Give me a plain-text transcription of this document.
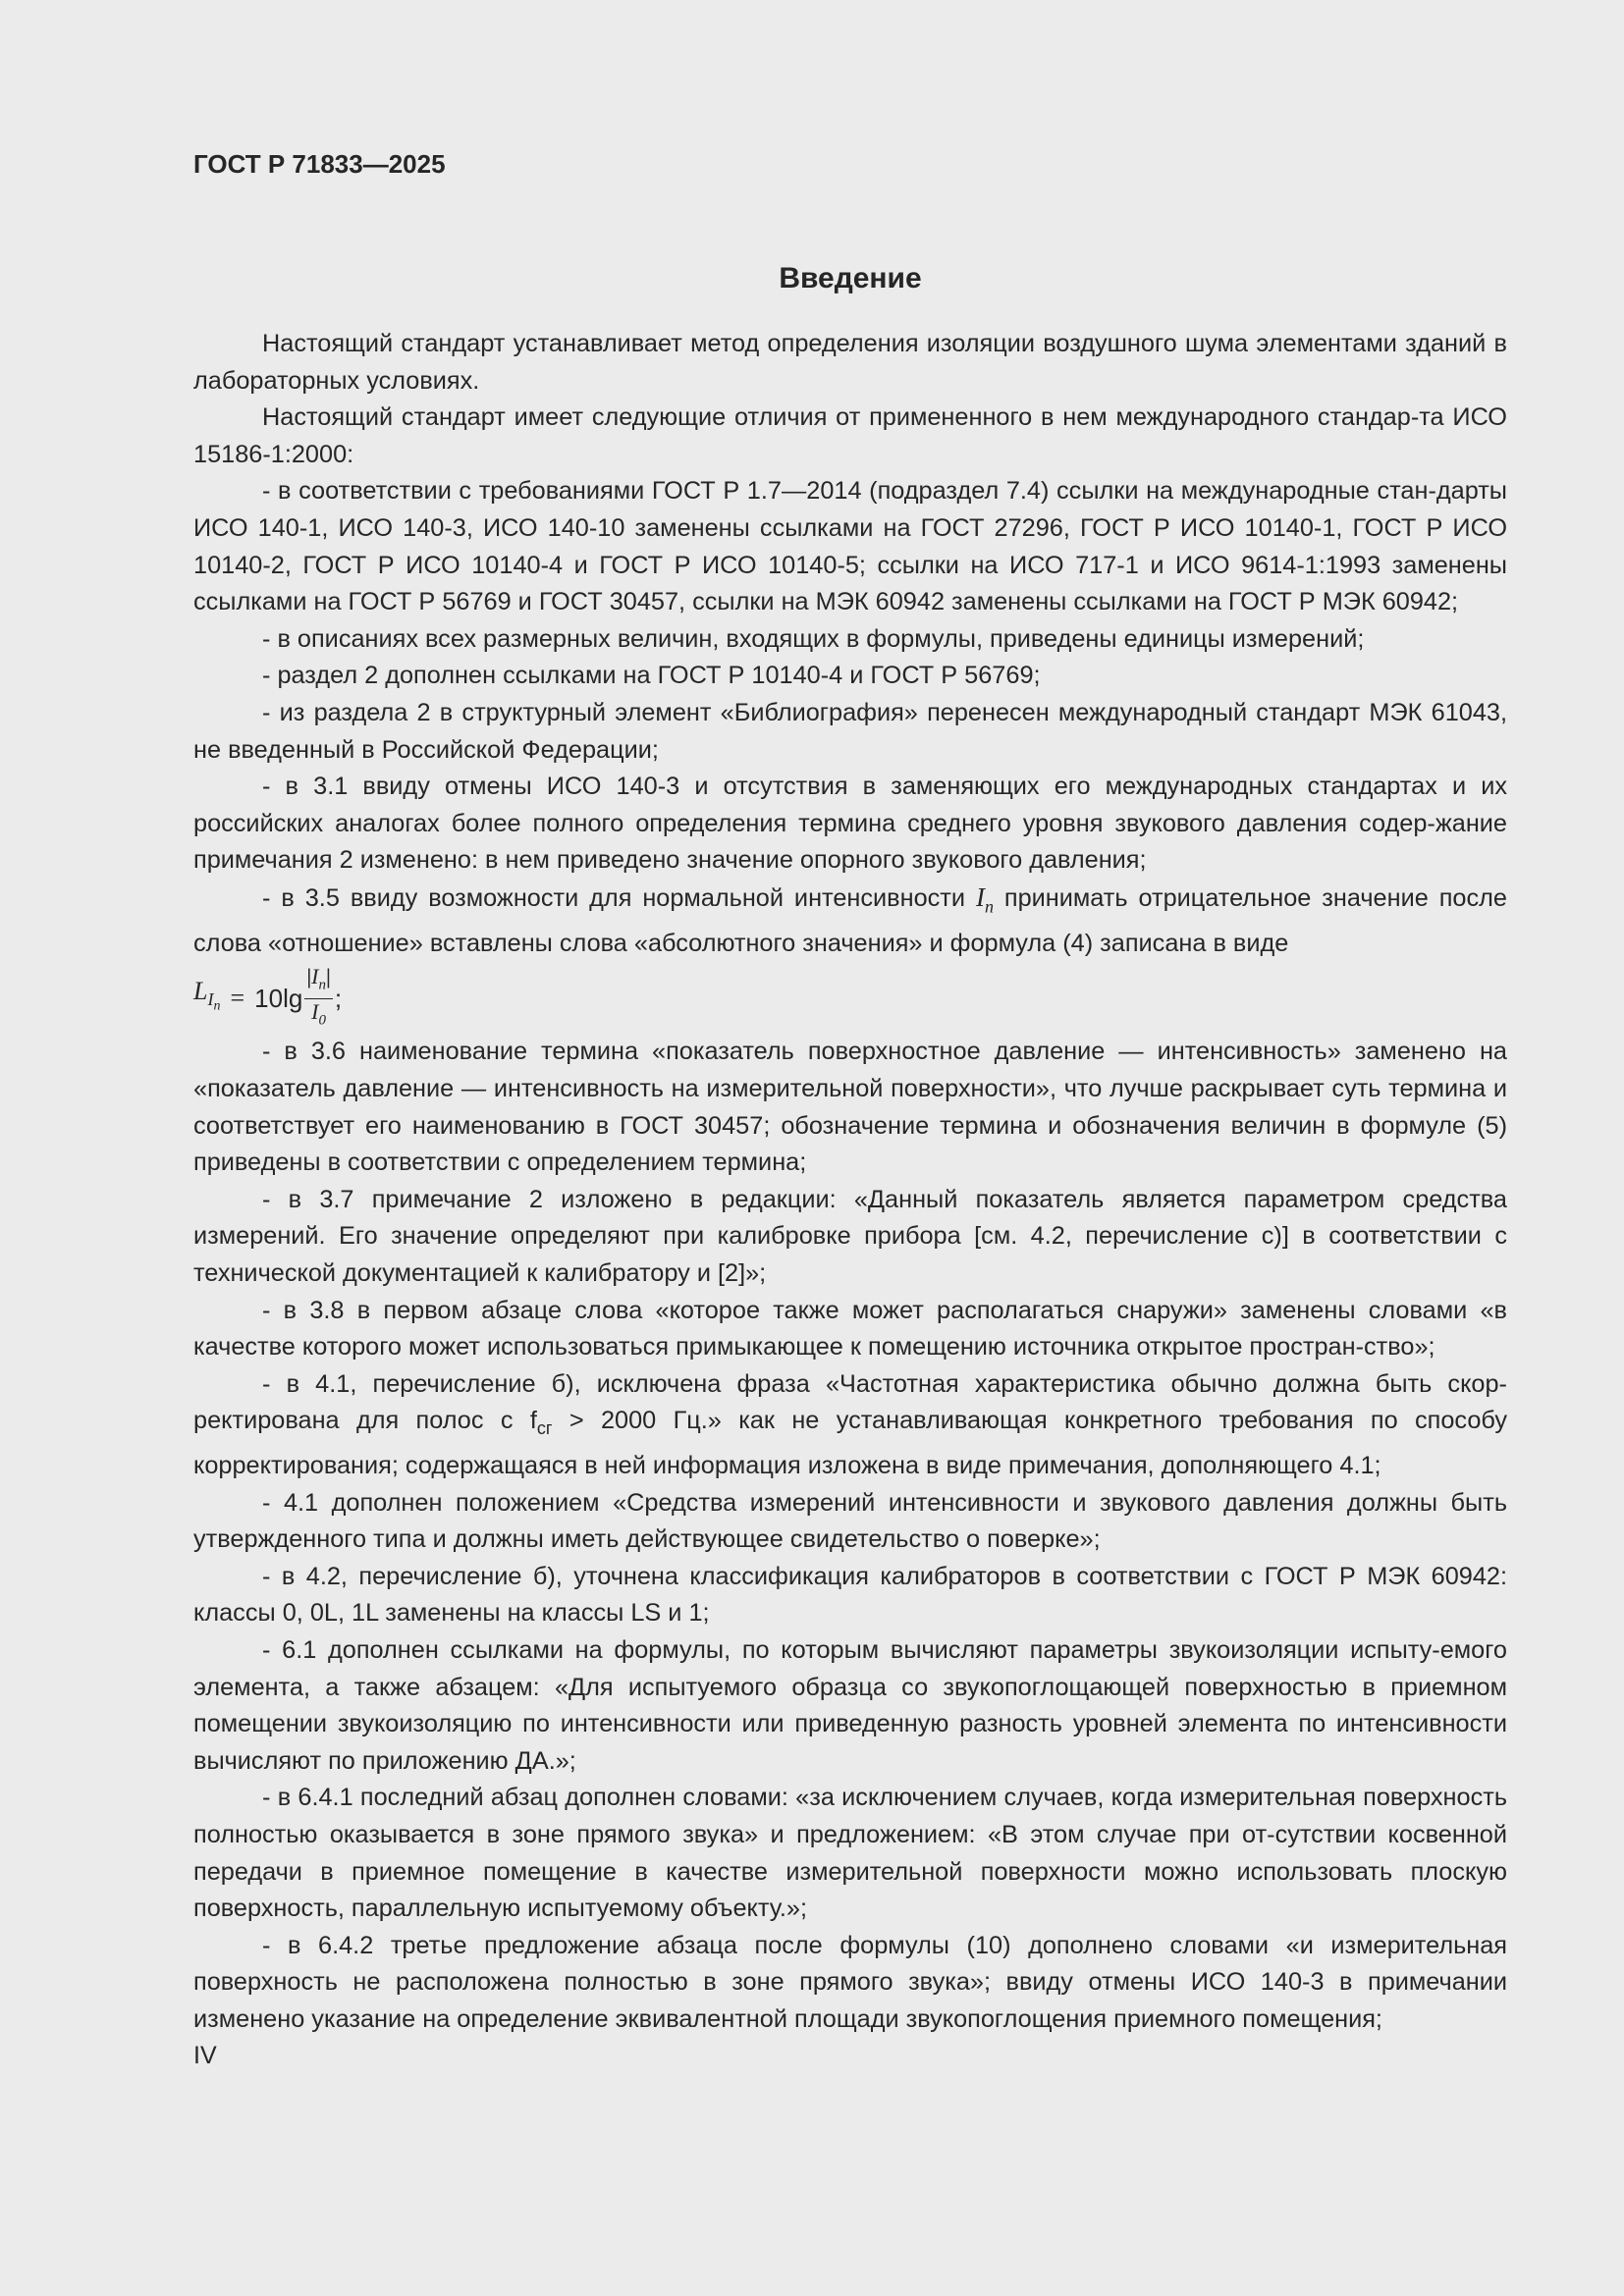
ГОСТ Р 71833—2025
Введение

Настоящий стандарт устанавливает метод определения изоляции воздушного шума элементами зданий в лабораторных условиях.

Настоящий стандарт имеет следующие отличия от примененного в нем международного стандар-та ИСО 15186-1:2000:

- в соответствии с требованиями ГОСТ Р 1.7—2014 (подраздел 7.4) ссылки на международные стан-дарты ИСО 140-1, ИСО 140-3, ИСО 140-10 заменены ссылками на ГОСТ 27296, ГОСТ Р ИСО 10140-1, ГОСТ Р ИСО 10140-2, ГОСТ Р ИСО 10140-4 и ГОСТ Р ИСО 10140-5; ссылки на ИСО 717-1 и ИСО 9614-1:1993 заменены ссылками на ГОСТ Р 56769 и ГОСТ 30457, ссылки на МЭК 60942 заменены ссылками на ГОСТ Р МЭК 60942;

- в описаниях всех размерных величин, входящих в формулы, приведены единицы измерений;

- раздел 2 дополнен ссылками на ГОСТ Р 10140-4 и ГОСТ Р 56769;

- из раздела 2 в структурный элемент «Библиография» перенесен международный стандарт МЭК 61043, не введенный в Российской Федерации;

- в 3.1 ввиду отмены ИСО 140-3 и отсутствия в заменяющих его международных стандартах и их российских аналогах более полного определения термина среднего уровня звукового давления содер-жание примечания 2 изменено: в нем приведено значение опорного звукового давления;

- в 3.5 ввиду возможности для нормальной интенсивности $I_n$ принимать отрицательное значение после слова «отношение» вставлены слова «абсолютного значения» и формула (4) записана в виде

$L_{I_n} = 10$ $\lg \frac{|I_n|}{I_0}$ ;

- в 3.6 наименование термина «показатель поверхностное давление — интенсивность» заменено на «показатель давление — интенсивность на измерительной поверхности», что лучше раскрывает суть термина и соответствует его наименованию в ГОСТ 30457; обозначение термина и обозначения величин в формуле (5) приведены в соответствии с определением термина;

- в 3.7 примечание 2 изложено в редакции: «Данный показатель является параметром средства измерений. Его значение определяют при калибровке прибора [см. 4.2, перечисление с)] в соответствии с технической документацией к калибратору и [2]»;

- в 3.8 в первом абзаце слова «которое также может располагаться снаружи» заменены словами «в качестве которого может использоваться примыкающее к помещению источника открытое простран-ство»;

- в 4.1, перечисление б), исключена фраза «Частотная характеристика обычно должна быть скор-ректирована для полос с $f_{сг} > 2000$ Гц.» как не устанавливающая конкретного требования по способу корректирования; содержащаяся в ней информация изложена в виде примечания, дополняющего 4.1;

- 4.1 дополнен положением «Средства измерений интенсивности и звукового давления должны быть утвержденного типа и должны иметь действующее свидетельство о поверке»;

- в 4.2, перечисление б), уточнена классификация калибраторов в соответствии с ГОСТ Р МЭК 60942: классы 0, 0L, 1L заменены на классы LS и 1;

- 6.1 дополнен ссылками на формулы, по которым вычисляют параметры звукоизоляции испыту-емого элемента, а также абзацем: «Для испытуемого образца со звукопоглощающей поверхностью в приемном помещении звукоизоляцию по интенсивности или приведенную разность уровней элемента по интенсивности вычисляют по приложению ДА.»;

- в 6.4.1 последний абзац дополнен словами: «за исключением случаев, когда измерительная поверхность полностью оказывается в зоне прямого звука» и предложением: «В этом случае при от-сутствии косвенной передачи в приемное помещение в качестве измерительной поверхности можно использовать плоскую поверхность, параллельную испытуемому объекту.»;

- в 6.4.2 третье предложение абзаца после формулы (10) дополнено словами «и измерительная поверхность не расположена полностью в зоне прямого звука»; ввиду отмены ИСО 140-3 в примечании изменено указание на определение эквивалентной площади звукопоглощения приемного помещения;

IV
